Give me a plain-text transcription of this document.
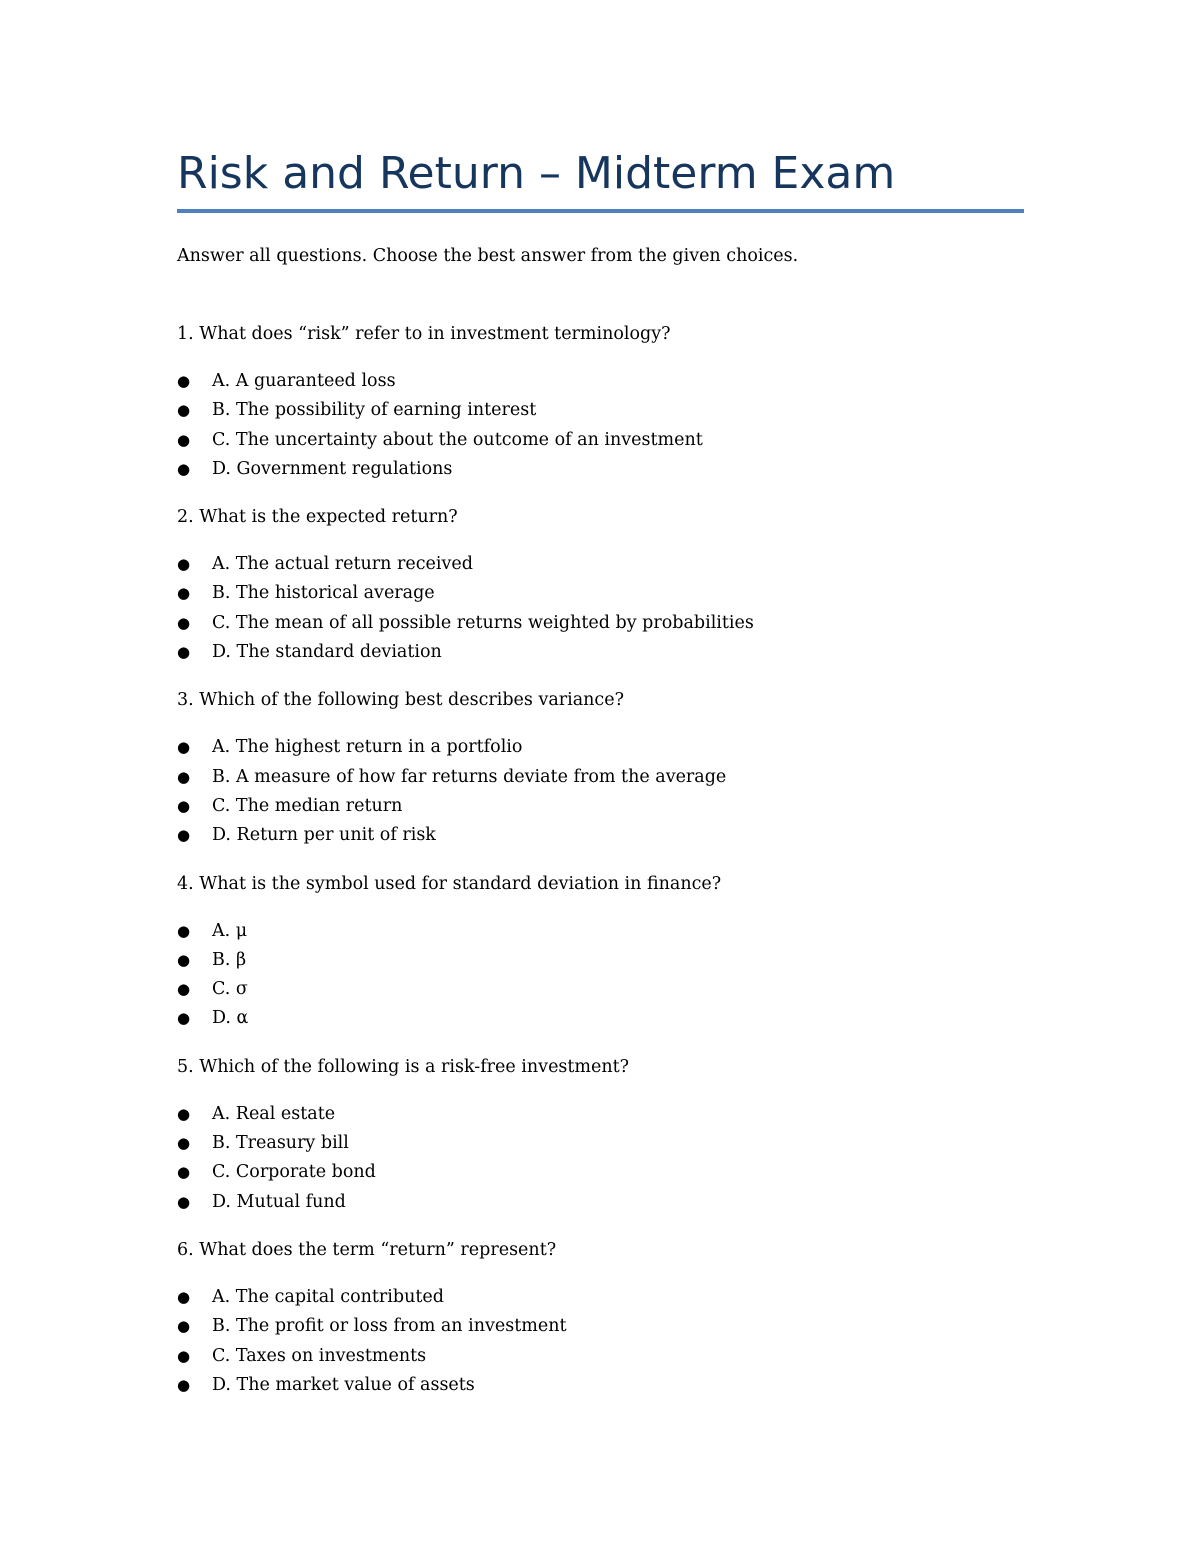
Risk and Return – Midterm Exam

Answer all questions. Choose the best answer from the given choices.

1. What does “risk” refer to in investment terminology?

● A. A guaranteed loss
● B. The possibility of earning interest
● C. The uncertainty about the outcome of an investment
● D. Government regulations

2. What is the expected return?

● A. The actual return received
● B. The historical average
● C. The mean of all possible returns weighted by probabilities
● D. The standard deviation

3. Which of the following best describes variance?

● A. The highest return in a portfolio
● B. A measure of how far returns deviate from the average
● C. The median return
● D. Return per unit of risk

4. What is the symbol used for standard deviation in finance?

● A. μ
● B. β
● C. σ
● D. α

5. Which of the following is a risk-free investment?

● A. Real estate
● B. Treasury bill
● C. Corporate bond
● D. Mutual fund

6. What does the term “return” represent?

● A. The capital contributed
● B. The profit or loss from an investment
● C. Taxes on investments
● D. The market value of assets
